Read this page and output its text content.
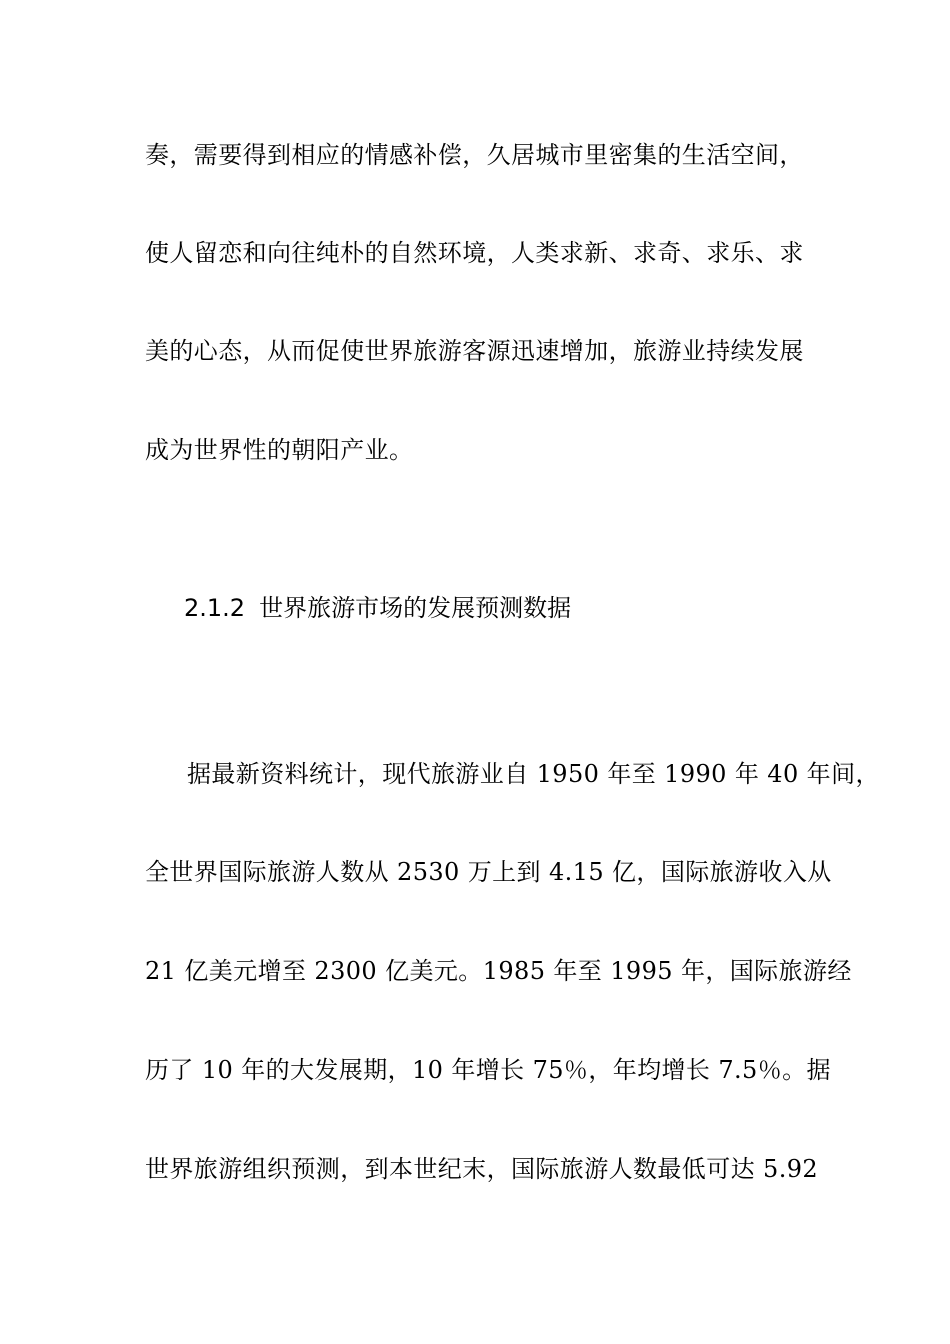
奏，需要得到相应的情感补偿，久居城市里密集的生活空间，
使人留恋和向往纯朴的自然环境，人类求新、求奇、求乐、求
美的心态，从而促使世界旅游客源迅速增加，旅游业持续发展
成为世界性的朝阳产业。
2.1.2 世界旅游市场的发展预测数据
据最新资料统计，现代旅游业自 1950 年至 1990 年 40 年间，
全世界国际旅游人数从 2530 万上到 4.15 亿，国际旅游收入从
21 亿美元增至 2300 亿美元。1985 年至 1995 年，国际旅游经
历了 10 年的大发展期，10 年增长 75％，年均增长 7.5％。据
世界旅游组织预测，到本世纪末，国际旅游人数最低可达 5.92
